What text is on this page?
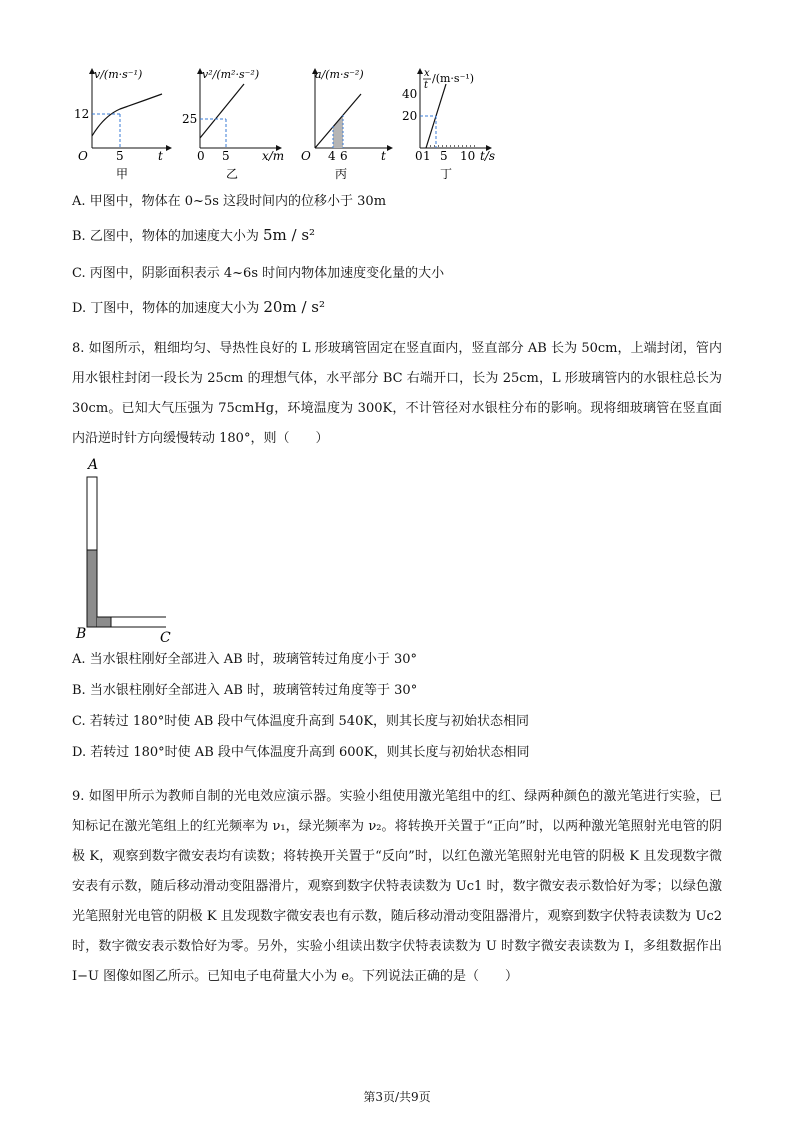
v/(m·s⁻¹)
12
O 5	t
甲
v²/(m²·s⁻²)
25
0 5	x/m
乙
a/(m·s⁻²)
O 4 6	t
丙
x
t
/(m·s⁻¹)
40
20
0 1 5 10 t/s
丁
A. 甲图中，物体在 0~5s 这段时间内的位移小于 30m
B. 乙图中，物体的加速度大小为 5m / s²
C. 丙图中，阴影面积表示 4~6s 时间内物体加速度变化量的大小
D. 丁图中，物体的加速度大小为 20m / s²
8. 如图所示，粗细均匀、导热性良好的 L 形玻璃管固定在竖直面内，竖直部分 AB 长为 50cm，上端封闭，管内用水银柱封闭一段长为 25cm 的理想气体，水平部分 BC 右端开口，长为 25cm，L 形玻璃管内的水银柱总长为 30cm。已知大气压强为 75cmHg，环境温度为 300K，不计管径对水银柱分布的影响。现将细玻璃管在竖直面内沿逆时针方向缓慢转动 180°，则（　　）
A
B	C
A. 当水银柱刚好全部进入 AB 时，玻璃管转过角度小于 30°
B. 当水银柱刚好全部进入 AB 时，玻璃管转过角度等于 30°
C. 若转过 180°时使 AB 段中气体温度升高到 540K，则其长度与初始状态相同
D. 若转过 180°时使 AB 段中气体温度升高到 600K，则其长度与初始状态相同
9. 如图甲所示为教师自制的光电效应演示器。实验小组使用激光笔组中的红、绿两种颜色的激光笔进行实验，已知标记在激光笔组上的红光频率为 ν₁，绿光频率为 ν₂。将转换开关置于“正向”时，以两种激光笔照射光电管的阴极 K，观察到数字微安表均有读数；将转换开关置于“反向”时，以红色激光笔照射光电管的阴极 K 且发现数字微安表有示数，随后移动滑动变阻器滑片，观察到数字伏特表读数为 Uc1 时，数字微安表示数恰好为零；以绿色激光笔照射光电管的阴极 K 且发现数字微安表也有示数，随后移动滑动变阻器滑片，观察到数字伏特表读数为 Uc2 时，数字微安表示数恰好为零。另外，实验小组读出数字伏特表读数为 U 时数字微安表读数为 I，多组数据作出 I−U 图像如图乙所示。已知电子电荷量大小为 e。下列说法正确的是（　　）
第3页/共9页
